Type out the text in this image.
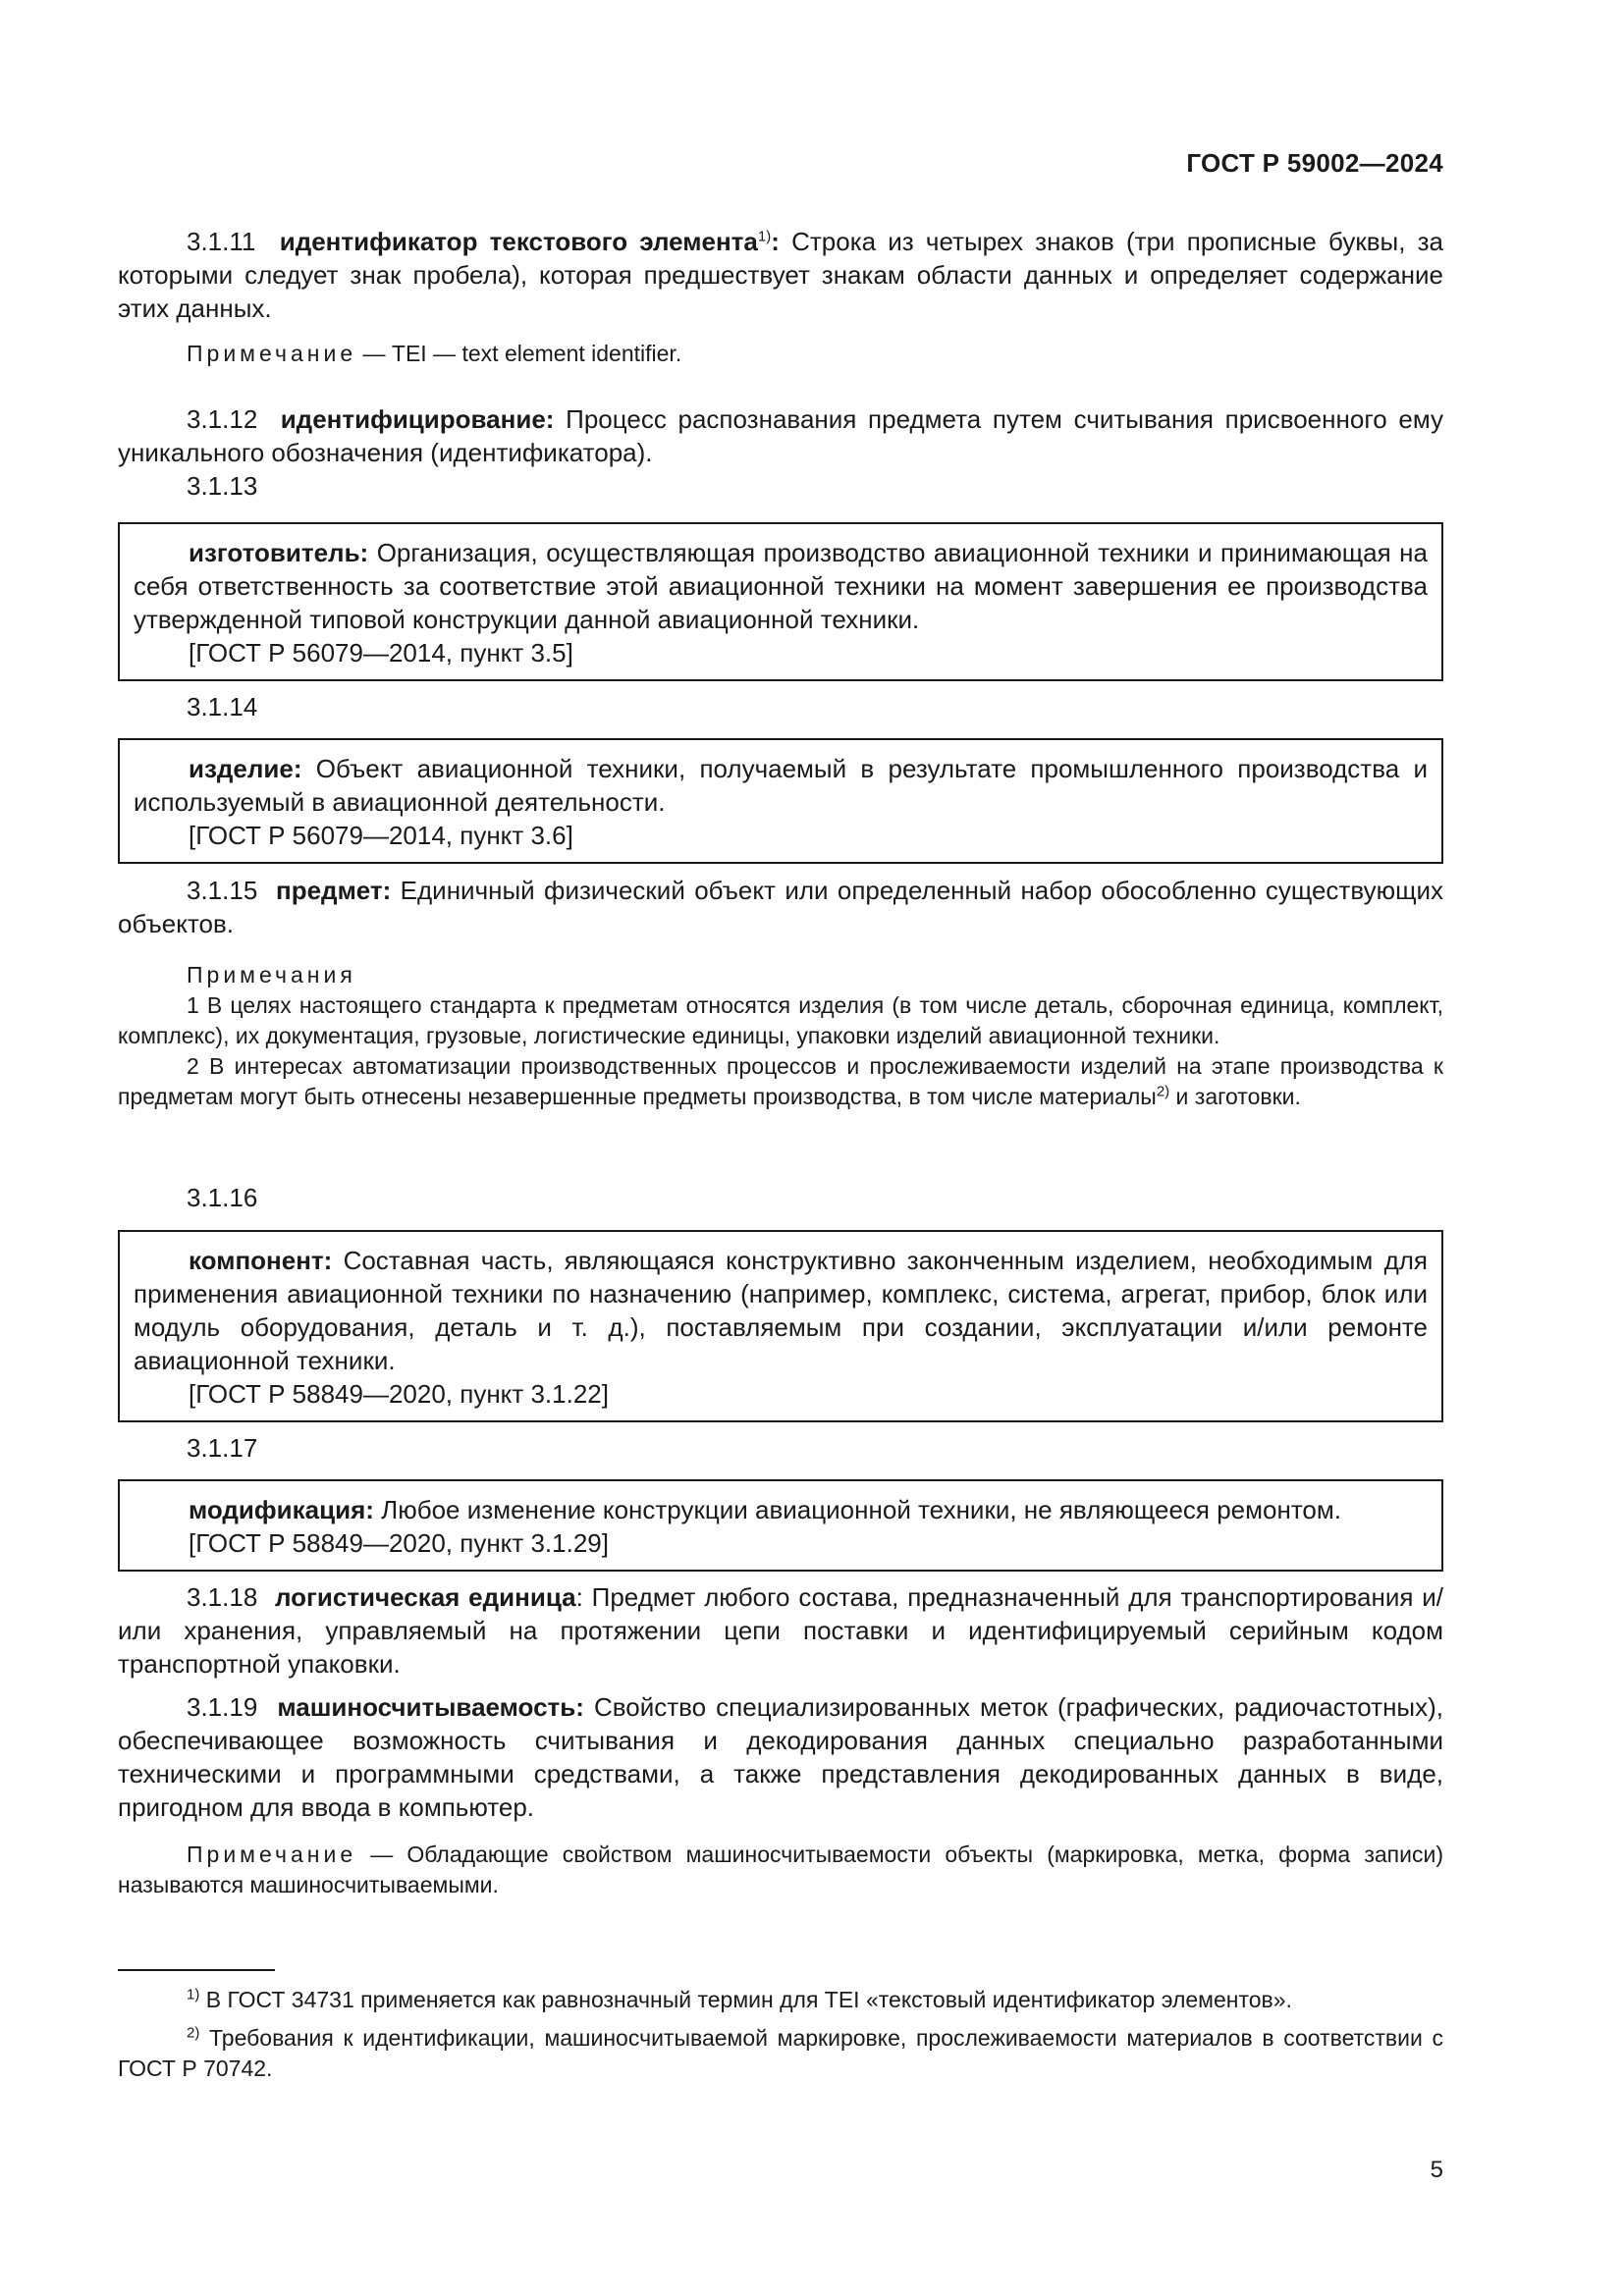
ГОСТ Р 59002—2024

3.1.11 идентификатор текстового элемента$^{1)}$: Строка из четырех знаков (три прописные буквы, за которыми следует знак пробела), которая предшествует знакам области данных и определяет содержание этих данных.

Примечание — TEI — text element identifier.

3.1.12 идентифицирование: Процесс распознавания предмета путем считывания присвоенного ему уникального обозначения (идентификатора).

3.1.13

изготовитель: Организация, осуществляющая производство авиационной техники и принимающая на себя ответственность за соответствие этой авиационной техники на момент завершения ее производства утвержденной типовой конструкции данной авиационной техники.

[ГОСТ Р 56079—2014, пункт 3.5]

3.1.14

изделие: Объект авиационной техники, получаемый в результате промышленного производства и используемый в авиационной деятельности.

[ГОСТ Р 56079—2014, пункт 3.6]

3.1.15 предмет: Единичный физический объект или определенный набор обособленно существующих объектов.

Примечания

1 В целях настоящего стандарта к предметам относятся изделия (в том числе деталь, сборочная единица, комплект, комплекс), их документация, грузовые, логистические единицы, упаковки изделий авиационной техники.

2 В интересах автоматизации производственных процессов и прослеживаемости изделий на этапе производства к предметам могут быть отнесены незавершенные предметы производства, в том числе материалы$^{2)}$ и заготовки.

3.1.16

компонент: Составная часть, являющаяся конструктивно законченным изделием, необходимым для применения авиационной техники по назначению (например, комплекс, система, агрегат, прибор, блок или модуль оборудования, деталь и т. д.), поставляемым при создании, эксплуатации и/или ремонте авиационной техники.

[ГОСТ Р 58849—2020, пункт 3.1.22]

3.1.17

модификация: Любое изменение конструкции авиационной техники, не являющееся ремонтом.

[ГОСТ Р 58849—2020, пункт 3.1.29]

3.1.18 логистическая единица: Предмет любого состава, предназначенный для транспортирования и/или хранения, управляемый на протяжении цепи поставки и идентифицируемый серийным кодом транспортной упаковки.

3.1.19 машиносчитываемость: Свойство специализированных меток (графических, радиочастотных), обеспечивающее возможность считывания и декодирования данных специально разработанными техническими и программными средствами, а также представления декодированных данных в виде, пригодном для ввода в компьютер.

Примечание — Обладающие свойством машиносчитываемости объекты (маркировка, метка, форма записи) называются машиносчитываемыми.

$^{1)}$ В ГОСТ 34731 применяется как равнозначный термин для TEI «текстовый идентификатор элементов».

$^{2)}$ Требования к идентификации, машиносчитываемой маркировке, прослеживаемости материалов в соответствии с ГОСТ Р 70742.

5
